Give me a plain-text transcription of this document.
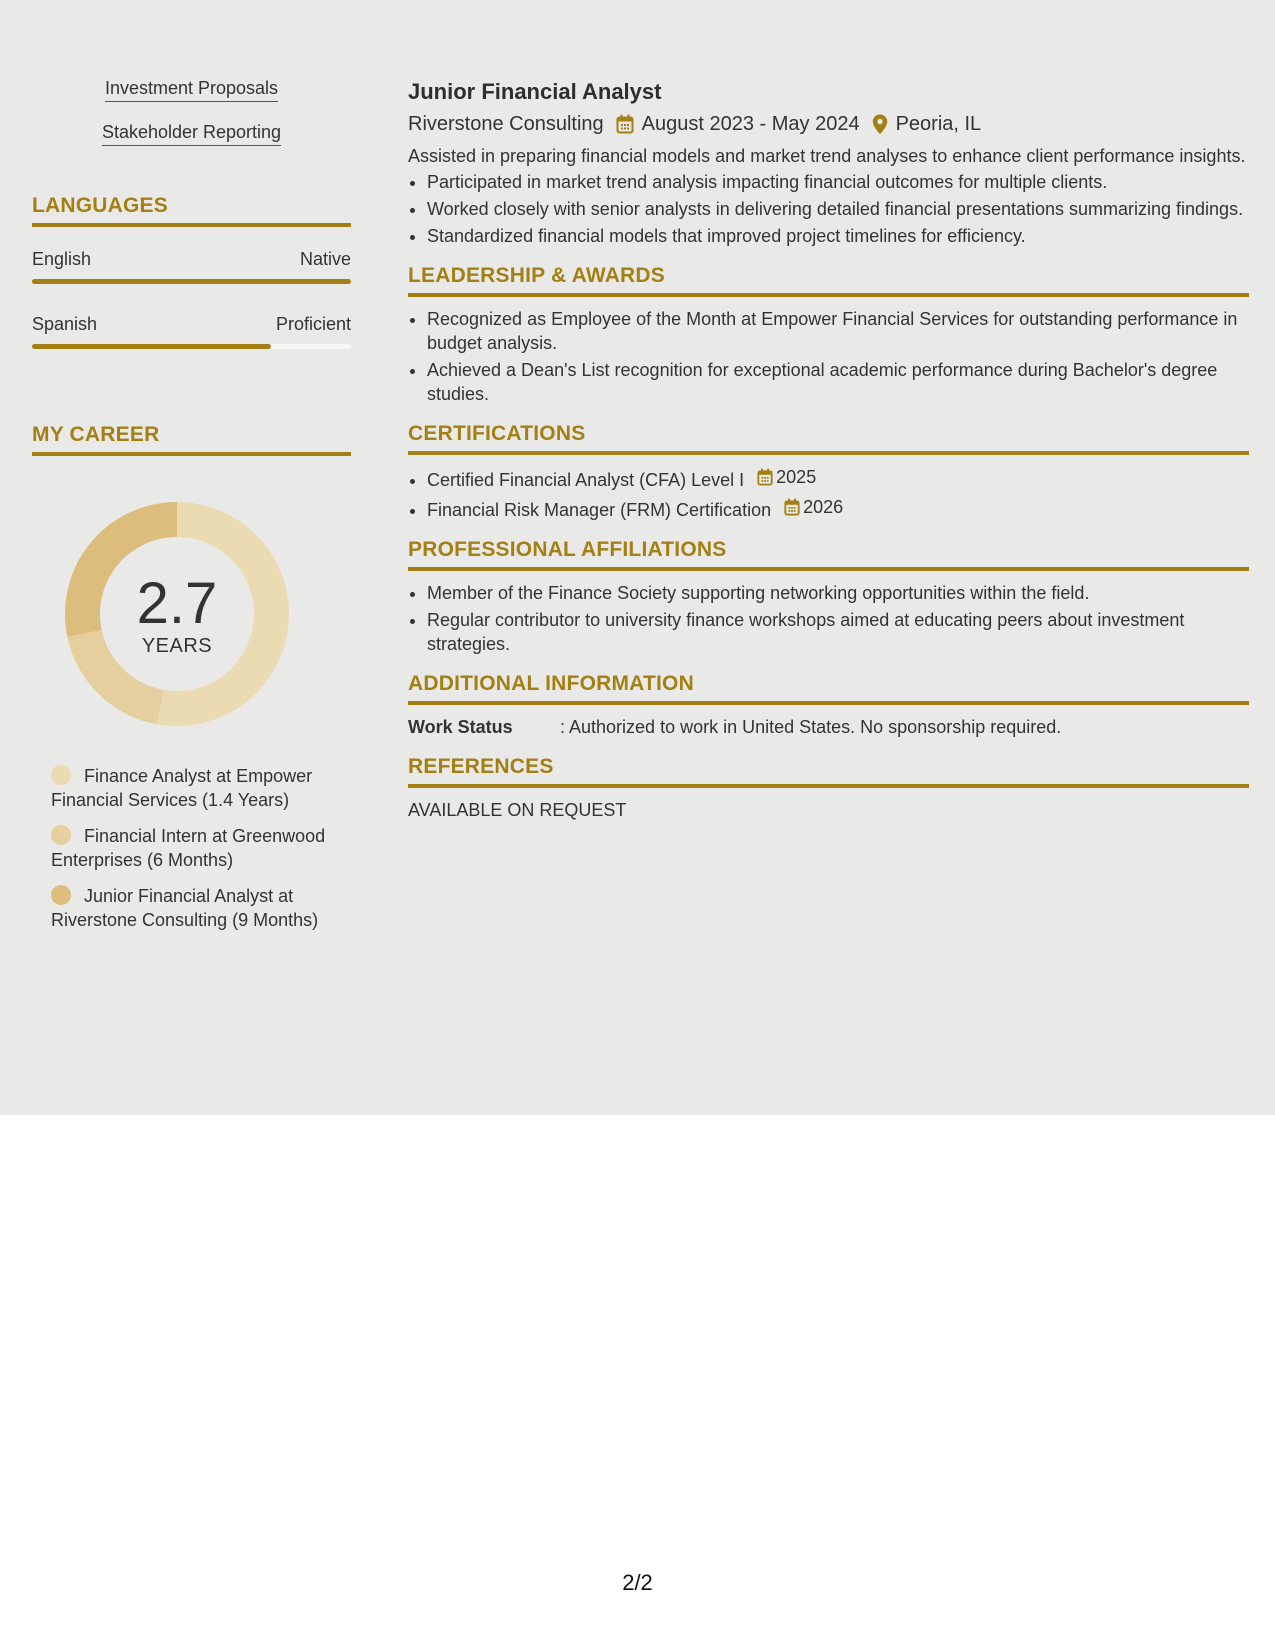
Investment Proposals
Stakeholder Reporting
LANGUAGES
English	Native
Spanish	Proficient
MY CAREER
2.7
YEARS
Finance Analyst at Empower Financial Services (1.4 Years)
Financial Intern at Greenwood Enterprises (6 Months)
Junior Financial Analyst at Riverstone Consulting (9 Months)
Junior Financial Analyst
Riverstone Consulting August 2023 - May 2024 Peoria, IL
Assisted in preparing financial models and market trend analyses to enhance client performance insights.
• Participated in market trend analysis impacting financial outcomes for multiple clients.
• Worked closely with senior analysts in delivering detailed financial presentations summarizing findings.
• Standardized financial models that improved project timelines for efficiency.
LEADERSHIP & AWARDS
• Recognized as Employee of the Month at Empower Financial Services for outstanding performance in budget analysis.
• Achieved a Dean's List recognition for exceptional academic performance during Bachelor's degree studies.
CERTIFICATIONS
• Certified Financial Analyst (CFA) Level I 2025
• Financial Risk Manager (FRM) Certification 2026
PROFESSIONAL AFFILIATIONS
• Member of the Finance Society supporting networking opportunities within the field.
• Regular contributor to university finance workshops aimed at educating peers about investment strategies.
ADDITIONAL INFORMATION
Work Status	: Authorized to work in United States. No sponsorship required.
REFERENCES
AVAILABLE ON REQUEST
2/2
